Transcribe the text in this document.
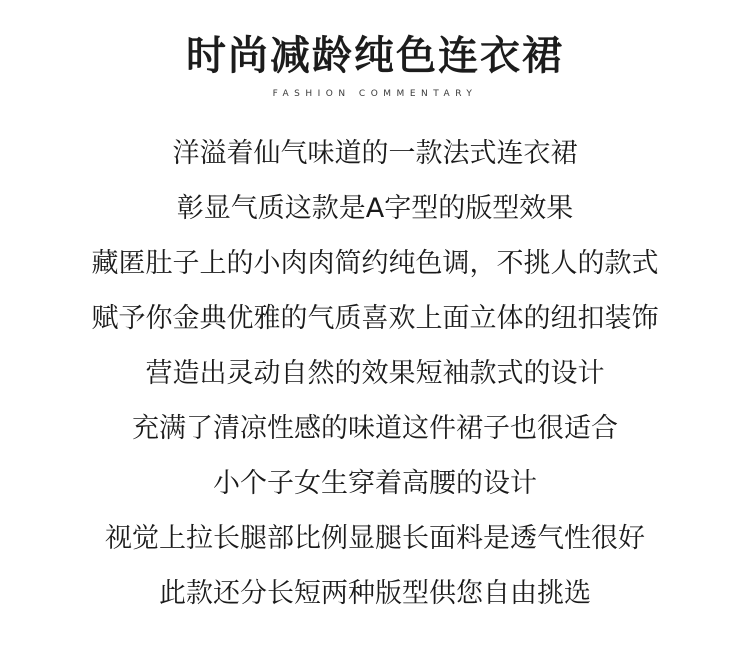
时尚减龄纯色连衣裙
FASHION COMMENTARY
洋溢着仙气味道的一款法式连衣裙
彰显气质这款是A字型的版型效果
藏匿肚子上的小肉肉简约纯色调，不挑人的款式
赋予你金典优雅的气质喜欢上面立体的纽扣装饰
营造出灵动自然的效果短袖款式的设计
充满了清凉性感的味道这件裙子也很适合
小个子女生穿着高腰的设计
视觉上拉长腿部比例显腿长面料是透气性很好
此款还分长短两种版型供您自由挑选
